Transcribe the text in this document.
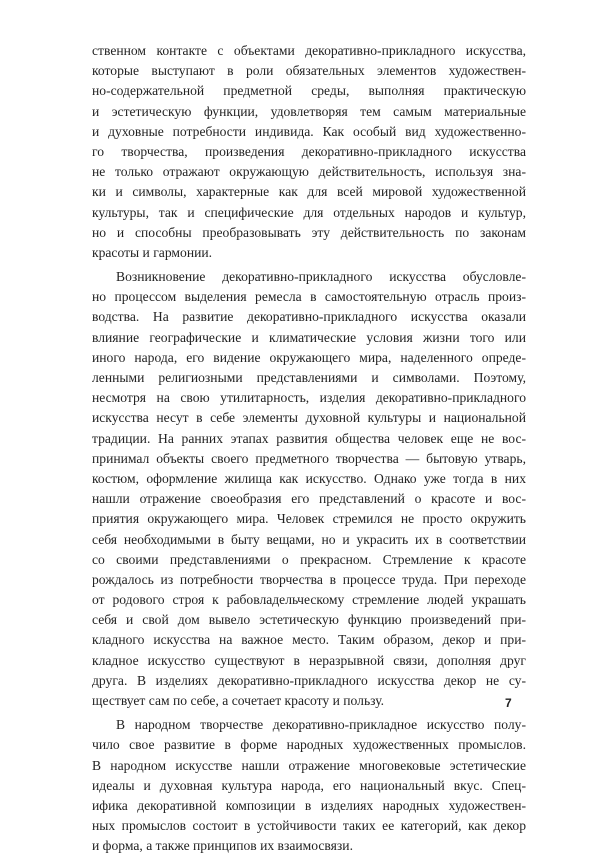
ственном контакте с объектами декоративно-прикладного искусства,
которые выступают в роли обязательных элементов художествен-
но-содержательной предметной среды, выполняя практическую
и эстетическую функции, удовлетворяя тем самым материальные
и духовные потребности индивида. Как особый вид художественно-
го творчества, произведения декоративно-прикладного искусства
не только отражают окружающую действительность, используя зна-
ки и символы, характерные как для всей мировой художественной
культуры, так и специфические для отдельных народов и культур,
но и способны преобразовывать эту действительность по законам
красоты и гармонии.
Возникновение декоративно-прикладного искусства обусловле-
но процессом выделения ремесла в самостоятельную отрасль произ-
водства. На развитие декоративно-прикладного искусства оказали
влияние географические и климатические условия жизни того или
иного народа, его видение окружающего мира, наделенного опреде-
ленными религиозными представлениями и символами. Поэтому,
несмотря на свою утилитарность, изделия декоративно-прикладного
искусства несут в себе элементы духовной культуры и национальной
традиции. На ранних этапах развития общества человек еще не вос-
принимал объекты своего предметного творчества — бытовую утварь,
костюм, оформление жилища как искусство. Однако уже тогда в них
нашли отражение своеобразия его представлений о красоте и вос-
приятия окружающего мира. Человек стремился не просто окружить
себя необходимыми в быту вещами, но и украсить их в соответствии
со своими представлениями о прекрасном. Стремление к красоте
рождалось из потребности творчества в процессе труда. При переходе
от родового строя к рабовладельческому стремление людей украшать
себя и свой дом вывело эстетическую функцию произведений при-
кладного искусства на важное место. Таким образом, декор и при-
кладное искусство существуют в неразрывной связи, дополняя друг
друга. В изделиях декоративно-прикладного искусства декор не су-
ществует сам по себе, а сочетает красоту и пользу.
В народном творчестве декоративно-прикладное искусство полу-
чило свое развитие в форме народных художественных промыслов.
В народном искусстве нашли отражение многовековые эстетические
идеалы и духовная культура народа, его национальный вкус. Спец-
ифика декоративной композиции в изделиях народных художествен-
ных промыслов состоит в устойчивости таких ее категорий, как декор
и форма, а также принципов их взаимосвязи.
7
